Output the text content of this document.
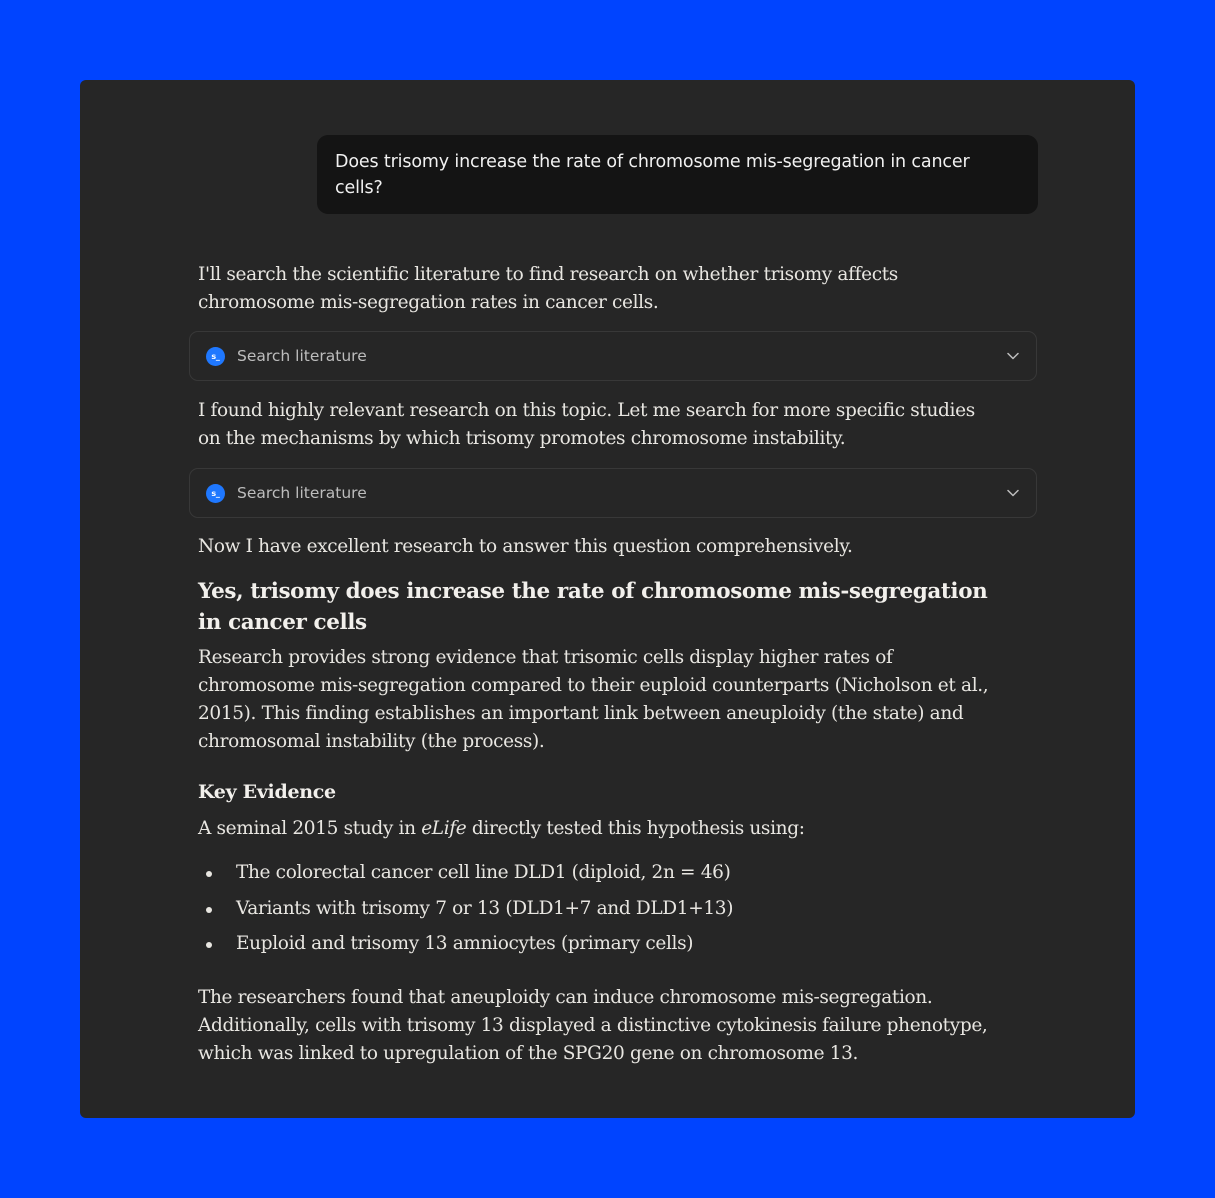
Does trisomy increase the rate of chromosome mis-segregation in cancer cells?

I'll search the scientific literature to find research on whether trisomy affects chromosome mis-segregation rates in cancer cells.

s_	Search literature

I found highly relevant research on this topic. Let me search for more specific studies on the mechanisms by which trisomy promotes chromosome instability.

s_	Search literature

Now I have excellent research to answer this question comprehensively.

Yes, trisomy does increase the rate of chromosome mis-segregation in cancer cells

Research provides strong evidence that trisomic cells display higher rates of chromosome mis-segregation compared to their euploid counterparts (Nicholson et al., 2015). This finding establishes an important link between aneuploidy (the state) and chromosomal instability (the process).

Key Evidence

A seminal 2015 study in eLife directly tested this hypothesis using:

The colorectal cancer cell line DLD1 (diploid, 2n = 46)
Variants with trisomy 7 or 13 (DLD1+7 and DLD1+13)
Euploid and trisomy 13 amniocytes (primary cells)

The researchers found that aneuploidy can induce chromosome mis-segregation. Additionally, cells with trisomy 13 displayed a distinctive cytokinesis failure phenotype, which was linked to upregulation of the SPG20 gene on chromosome 13.
